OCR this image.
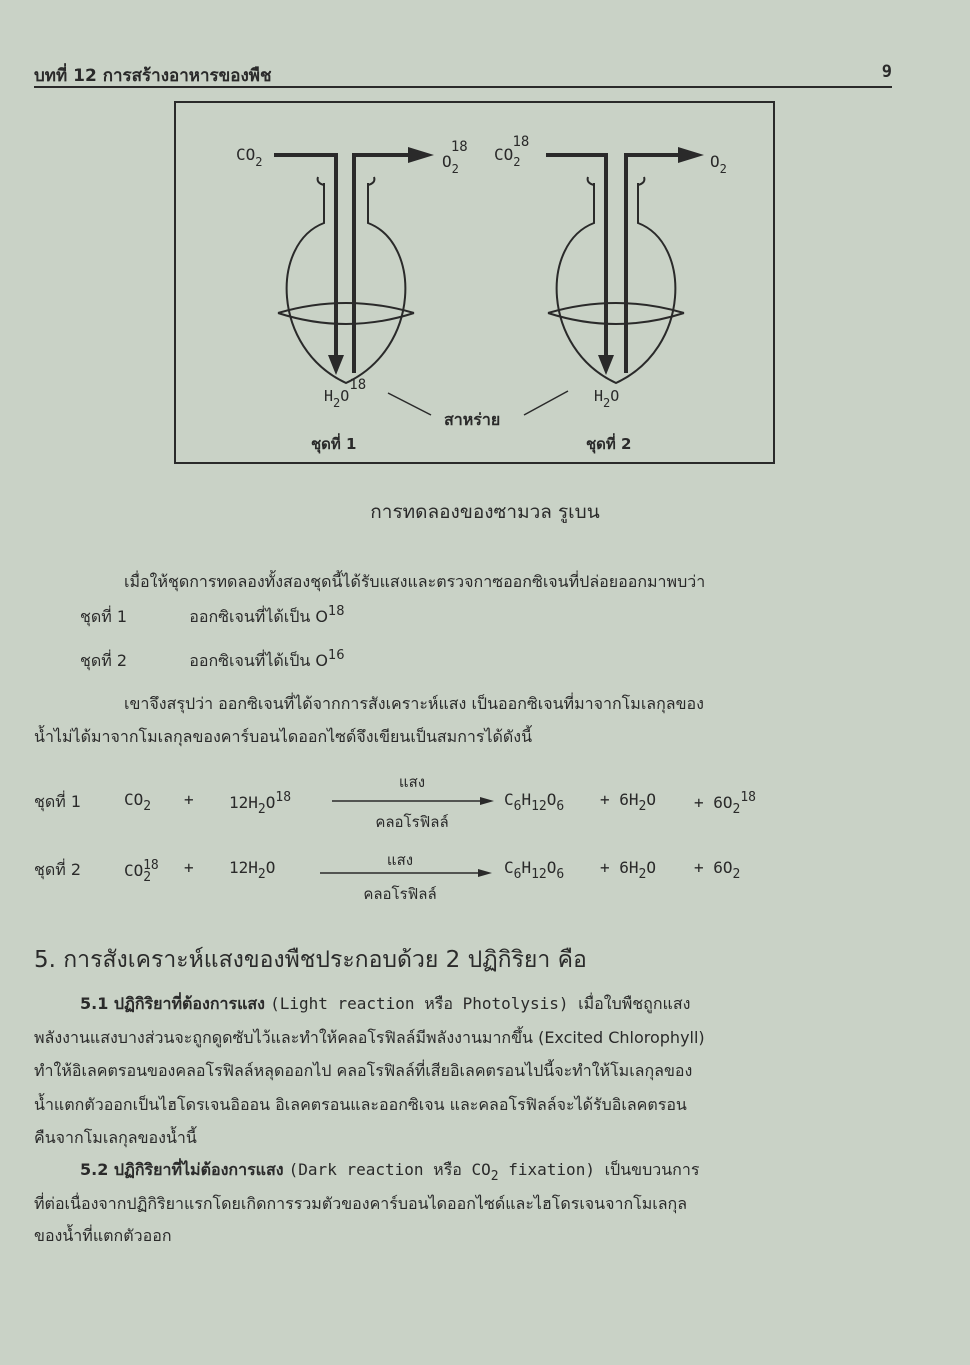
บทที่ 12 การสร้างอาหารของพืช	9
$CO_2$	$O_218$ $CO_218$
$O_2$
$H_2O18$
$H_2O$
สาหร่าย
ชุดที่ 1	ชุดที่ 2
การทดลองของซามวล รูเบน
เมื่อให้ชุดการทดลองทั้งสองชุดนี้ได้รับแสงและตรวจกาซออกซิเจนที่ปล่อยออกมาพบว่า
ชุดที่ 1	ออกซิเจนที่ได้เป็น $O^{18}$
ชุดที่ 2	ออกซิเจนที่ได้เป็น $O^{16}$
เขาจึงสรุปว่า ออกซิเจนที่ได้จากการสังเคราะห์แสง เป็นออกซิเจนที่มาจากโมเลกุลของ
น้ำไม่ได้มาจากโมเลกุลของคาร์บอนไดออกไซด์จึงเขียนเป็นสมการได้ดังนี้
ชุดที่ 1	$CO_2 + 12H_2O^{18}$	$C_6H_{12}O_6 + 6H_2O + 6O_2^{18}$
แสง
คลอโรฟิลล์
ชุดที่ 2	$CO_2^{18} + 12H_2O$	$C_6H_{12}O_6 + 6H_2O + 6O_2$
แสง
คลอโรฟิลล์
5. การสังเคราะห์แสงของพืชประกอบด้วย 2 ปฏิกิริยา คือ
5.1 ปฏิกิริยาที่ต้องการแสง (Light reaction หรือ Photolysis) เมื่อใบพืชถูกแสง
พลังงานแสงบางส่วนจะถูกดูดซับไว้และทำให้คลอโรฟิลล์มีพลังงานมากขึ้น (Excited Chlorophyll)
ทำให้อิเลคตรอนของคลอโรฟิลล์หลุดออกไป คลอโรฟิลล์ที่เสียอิเลคตรอนไปนี้จะทำให้โมเลกุลของ
น้ำแตกตัวออกเป็นไฮโดรเจนอิออน อิเลคตรอนและออกซิเจน และคลอโรฟิลล์จะได้รับอิเลคตรอน
คืนจากโมเลกุลของน้ำนี้
5.2 ปฏิกิริยาที่ไม่ต้องการแสง (Dark reaction หรือ $CO_2$ fixation) เป็นขบวนการ
ที่ต่อเนื่องจากปฏิกิริยาแรกโดยเกิดการรวมตัวของคาร์บอนไดออกไซด์และไฮโดรเจนจากโมเลกุล
ของน้ำที่แตกตัวออก
